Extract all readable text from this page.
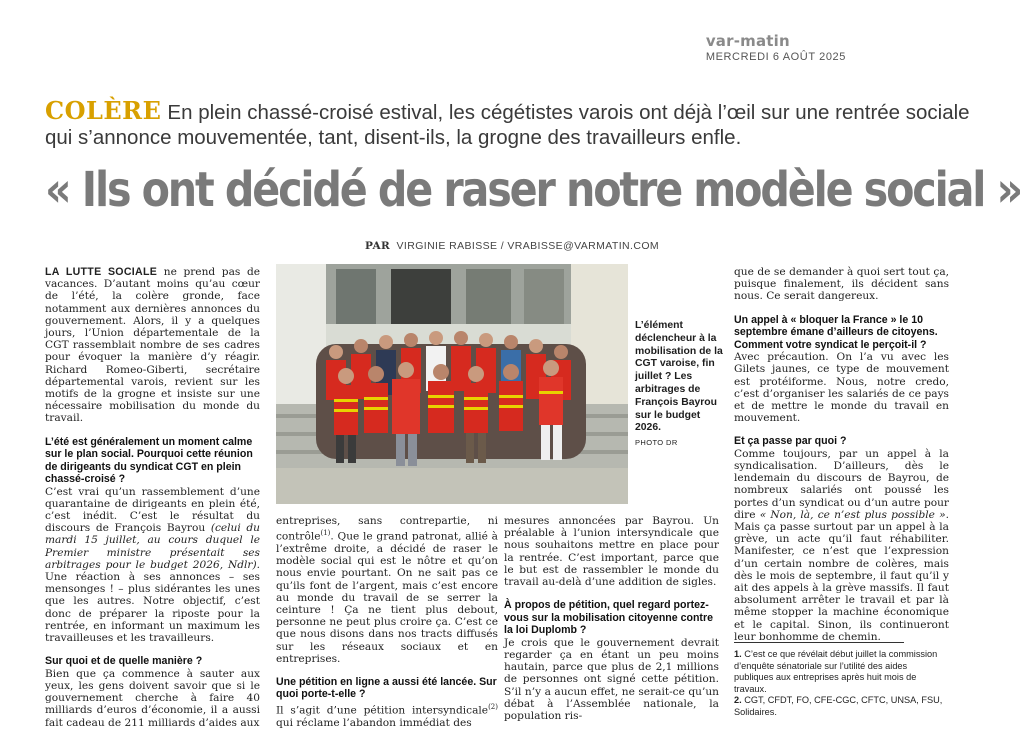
var-matin
MERCREDI 6 AOÛT 2025
COLÈRE En plein chassé-croisé estival, les cégétistes varois ont déjà l’œil sur une rentrée sociale qui s’annonce mouvementée, tant, disent-ils, la grogne des travailleurs enfle.
« Ils ont décidé de raser notre modèle social »
PAR VIRGINIE RABISSE / VRABISSE@VARMATIN.COM

LA LUTTE SOCIALE ne prend pas de vacances. D’autant moins qu’au cœur de l’été, la colère gronde, face notamment aux dernières annonces du gouvernement. Alors, il y a quelques jours, l’Union départementale de la CGT rassemblait nombre de ses cadres pour évoquer la manière d’y réagir. Richard Romeo-Giberti, secrétaire départemental varois, revient sur les motifs de la grogne et insiste sur une nécessaire mobilisation du monde du travail.

L’été est généralement un moment calme sur le plan social. Pourquoi cette réunion de dirigeants du syndicat CGT en plein chassé-croisé ?

C’est vrai qu’un rassemblement d’une quarantaine de dirigeants en plein été, c’est inédit. C’est le résultat du discours de François Bayrou (celui du mardi 15 juillet, au cours duquel le Premier ministre présentait ses arbitrages pour le budget 2026, Ndlr). Une réaction à ses annonces – ses mensonges ! – plus sidérantes les unes que les autres. Notre objectif, c’est donc de préparer la riposte pour la rentrée, en informant un maximum les travailleuses et les travailleurs.

Sur quoi et de quelle manière ?

Bien que ça commence à sauter aux yeux, les gens doivent savoir que si le gouvernement cherche à faire 40 milliards d’euros d’économie, il a aussi fait cadeau de 211 milliards d’aides aux

L’élément déclencheur à la mobilisation de la CGT varoise, fin juillet ? Les arbitrages de François Bayrou sur le budget 2026.
PHOTO DR

entreprises, sans contrepartie, ni contrôle$^{(1)}$. Que le grand patronat, allié à l’extrême droite, a décidé de raser le modèle social qui est le nôtre et qu’on nous envie pourtant. On ne sait pas ce qu’ils font de l’argent, mais c’est encore au monde du travail de se serrer la ceinture ! Ça ne tient plus debout, personne ne peut plus croire ça. C’est ce que nous disons dans nos tracts diffusés sur les réseaux sociaux et en entreprises.

Une pétition en ligne a aussi été lancée. Sur quoi porte-t-elle ?

Il s’agit d’une pétition intersyndicale$^{(2)}$ qui réclame l’abandon immédiat des

mesures annoncées par Bayrou. Un préalable à l’union intersyndicale que nous souhaitons mettre en place pour la rentrée. C’est important, parce que le but est de rassembler le monde du travail au-delà d’une addition de sigles.

À propos de pétition, quel regard portez-vous sur la mobilisation citoyenne contre la loi Duplomb ?

Je crois que le gouvernement devrait regarder ça en étant un peu moins hautain, parce que plus de 2,1 millions de personnes ont signé cette pétition. S’il n’y a aucun effet, ne serait-ce qu’un débat à l’Assemblée nationale, la population ris-

que de se demander à quoi sert tout ça, puisque finalement, ils décident sans nous. Ce serait dangereux.

Un appel à « bloquer la France » le 10 septembre émane d’ailleurs de citoyens. Comment votre syndicat le perçoit-il ?

Avec précaution. On l’a vu avec les Gilets jaunes, ce type de mouvement est protéiforme. Nous, notre credo, c’est d’organiser les salariés de ce pays et de mettre le monde du travail en mouvement.

Et ça passe par quoi ?

Comme toujours, par un appel à la syndicalisation. D’ailleurs, dès le lendemain du discours de Bayrou, de nombreux salariés ont poussé les portes d’un syndicat ou d’un autre pour dire « Non, là, ce n’est plus possible ». Mais ça passe surtout par un appel à la grève, un acte qu’il faut réhabiliter. Manifester, ce n’est que l’expression d’un certain nombre de colères, mais dès le mois de septembre, il faut qu’il y ait des appels à la grève massifs. Il faut absolument arrêter le travail et par là même stopper la machine économique et le capital. Sinon, ils continueront leur bonhomme de chemin.

1. C’est ce que révélait début juillet la commission d’enquête sénatoriale sur l’utilité des aides publiques aux entreprises après huit mois de travaux.
2. CGT, CFDT, FO, CFE-CGC, CFTC, UNSA, FSU, Solidaires.
